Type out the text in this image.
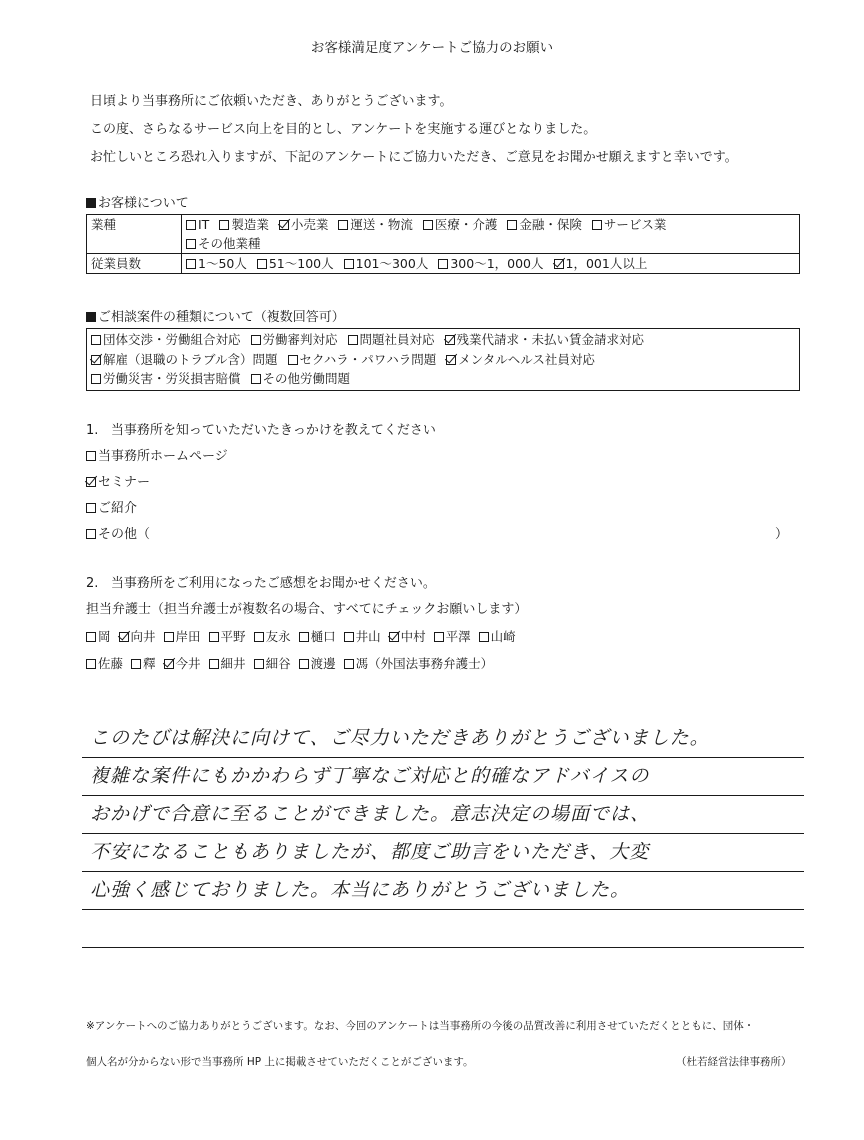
お客様満足度アンケートご協力のお願い
日頃より当事務所にご依頼いただき、ありがとうございます。
この度、さらなるサービス向上を目的とし、アンケートを実施する運びとなりました。
お忙しいところ恐れ入りますが、下記のアンケートにご協力いただき、ご意見をお聞かせ願えますと幸いです。
お客様について
業種	IT 製造業 小売業 運送・物流 医療・介護 金融・保険 サービス業
その他業種
従業員数	1～50人 51～100人 101～300人 300～1，000人 1，001人以上
ご相談案件の種類について（複数回答可）
団体交渉・労働組合対応 労働審判対応 問題社員対応 残業代請求・未払い賃金請求対応
解雇（退職のトラブル含）問題 セクハラ・パワハラ問題 メンタルヘルス社員対応
労働災害・労災損害賠償 その他労働問題
1. 当事務所を知っていただいたきっかけを教えてください
当事務所ホームページ
セミナー
ご紹介
その他（	）
2. 当事務所をご利用になったご感想をお聞かせください。
担当弁護士（担当弁護士が複数名の場合、すべてにチェックお願いします）
岡 向井 岸田 平野 友永 樋口 井山 中村 平澤 山崎
佐藤 釋 今井 細井 細谷 渡邊 馮（外国法事務弁護士）
このたびは解決に向けて、ご尽力いただきありがとうございました。
複雑な案件にもかかわらず丁寧なご対応と的確なアドバイスの
おかげで合意に至ることができました。意志決定の場面では、
不安になることもありましたが、都度ご助言をいただき、大変
心強く感じておりました。本当にありがとうございました。
※アンケートへのご協力ありがとうございます。なお、今回のアンケートは当事務所の今後の品質改善に利用させていただくとともに、団体・
個人名が分からない形で当事務所 HP 上に掲載させていただくことがございます。	（杜若経営法律事務所）
